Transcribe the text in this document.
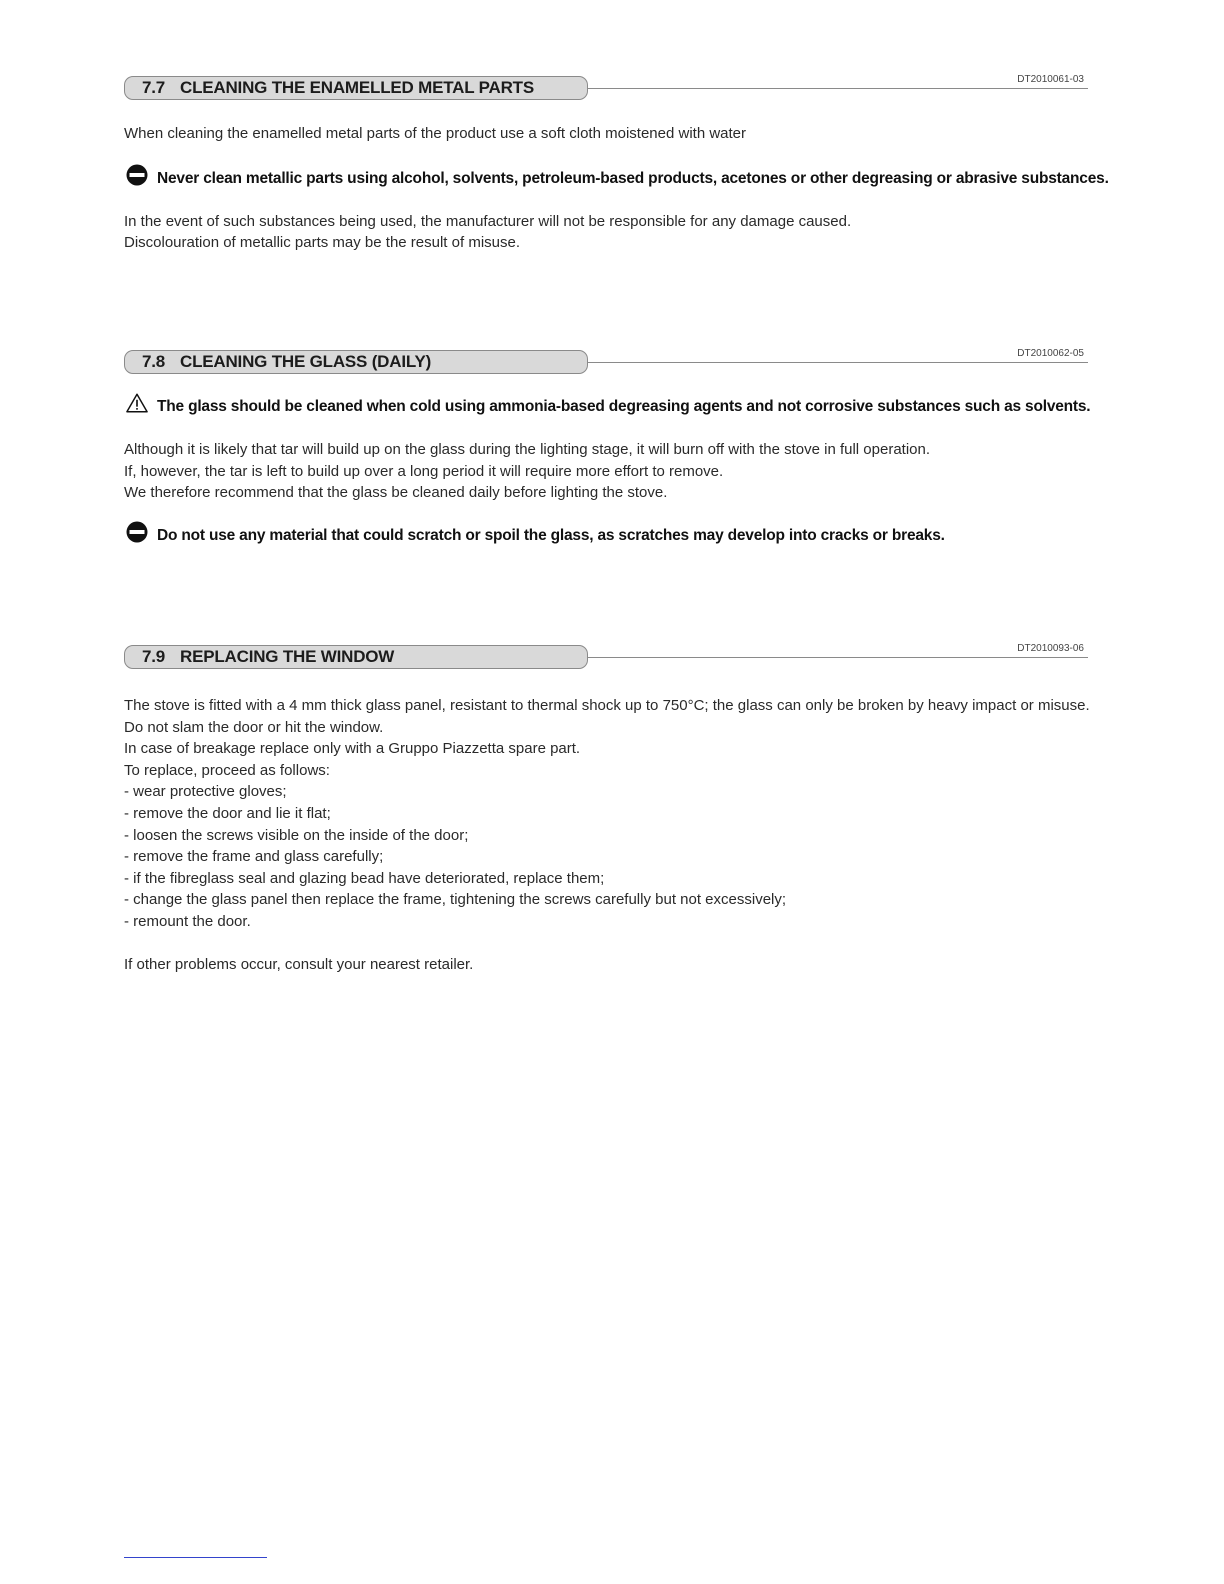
7.7 CLEANING THE ENAMELLED METAL PARTS	DT2010061-03

When cleaning the enamelled metal parts of the product use a soft cloth moistened with water

Never clean metallic parts using alcohol, solvents, petroleum-based products, acetones or other degreasing or abrasive substances.

In the event of such substances being used, the manufacturer will not be responsible for any damage caused.

Discolouration of metallic parts may be the result of misuse.

7.8 CLEANING THE GLASS (DAILY)	DT2010062-05
The glass should be cleaned when cold using ammonia-based degreasing agents and not corrosive substances such as solvents.

Although it is likely that tar will build up on the glass during the lighting stage, it will burn off with the stove in full operation.

If, however, the tar is left to build up over a long period it will require more effort to remove.

We therefore recommend that the glass be cleaned daily before lighting the stove.

Do not use any material that could scratch or spoil the glass, as scratches may develop into cracks or breaks.
7.9 REPLACING THE WINDOW	DT2010093-06

The stove is fitted with a 4 mm thick glass panel, resistant to thermal shock up to 750°C; the glass can only be broken by heavy impact or misuse.

Do not slam the door or hit the window.

In case of breakage replace only with a Gruppo Piazzetta spare part.

To replace, proceed as follows:

- wear protective gloves;
- remove the door and lie it flat;
- loosen the screws visible on the inside of the door;
- remove the frame and glass carefully;
- if the fibreglass seal and glazing bead have deteriorated, replace them;
- change the glass panel then replace the frame, tightening the screws carefully but not excessively;
- remount the door.

If other problems occur, consult your nearest retailer.
